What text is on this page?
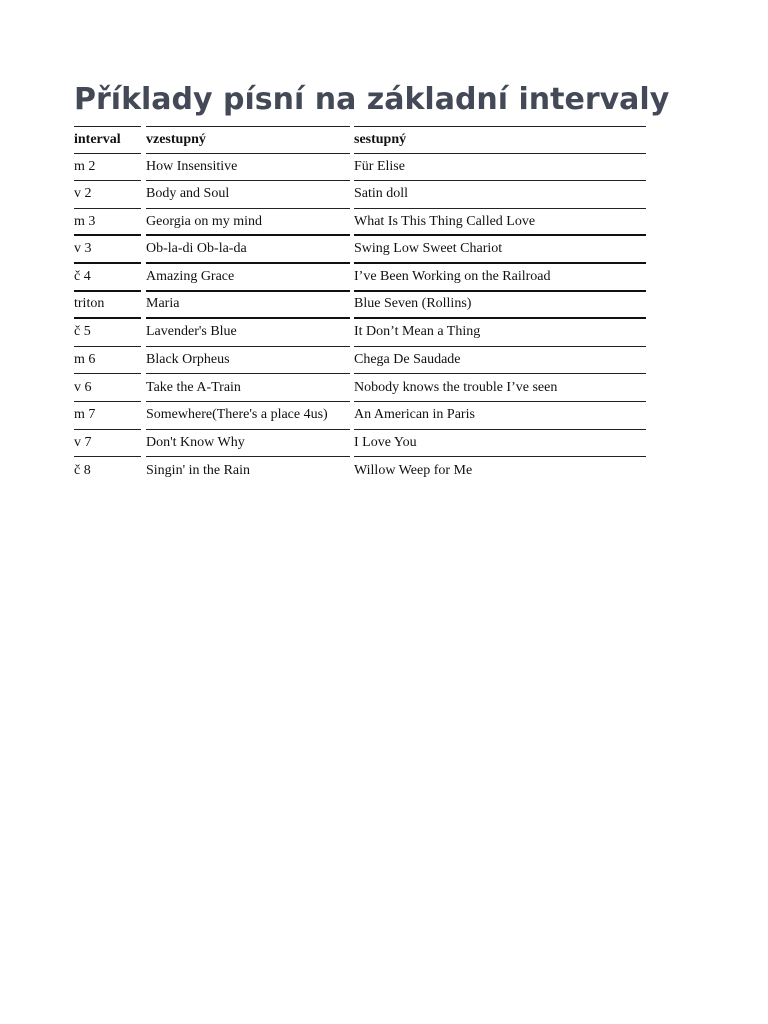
Příklady písní na základní intervaly
interval	vzestupný	sestupný
m 2	How Insensitive	Für Elise
v 2	Body and Soul	Satin doll
m 3	Georgia on my mind	What Is This Thing Called Love
v 3	Ob-la-di Ob-la-da	Swing Low Sweet Chariot
č 4	Amazing Grace	I’ve Been Working on the Railroad
triton	Maria	Blue Seven (Rollins)
č 5	Lavender's Blue	It Don’t Mean a Thing
m 6	Black Orpheus	Chega De Saudade
v 6	Take the A-Train	Nobody knows the trouble I’ve seen
m 7	Somewhere(There's a place 4us)	An American in Paris
v 7	Don't Know Why	I Love You
č 8	Singin' in the Rain	Willow Weep for Me
